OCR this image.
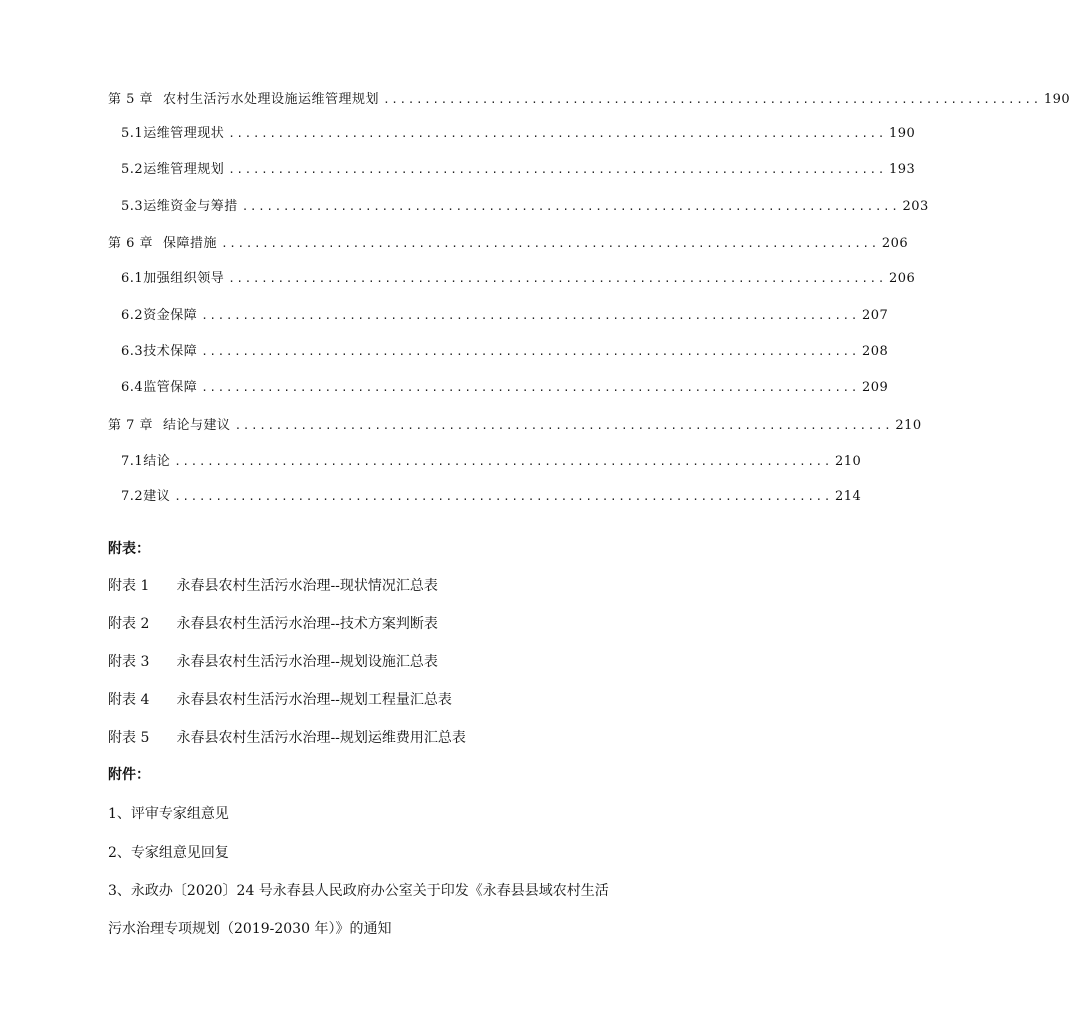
第 5 章 农村生活污水处理设施运维管理规划 ................................................................................ 190
5.1 运维管理现状 ................................................................................ 190
5.2 运维管理规划 ................................................................................ 193
5.3 运维资金与筹措 ................................................................................ 203
第 6 章 保障措施 ................................................................................ 206
6.1 加强组织领导 ................................................................................ 206
6.2 资金保障 ................................................................................ 207
6.3 技术保障 ................................................................................ 208
6.4 监管保障 ................................................................................ 209
第 7 章 结论与建议 ................................................................................ 210
7.1 结论 ................................................................................ 210
7.2 建议 ................................................................................ 214
附表：
附表 1 永春县农村生活污水治理--现状情况汇总表
附表 2 永春县农村生活污水治理--技术方案判断表
附表 3 永春县农村生活污水治理--规划设施汇总表
附表 4 永春县农村生活污水治理--规划工程量汇总表
附表 5 永春县农村生活污水治理--规划运维费用汇总表
附件：
1、评审专家组意见
2、专家组意见回复
3、永政办〔2020〕24 号永春县人民政府办公室关于印发《永春县县域农村生活
污水治理专项规划（2019-2030 年）》的通知
